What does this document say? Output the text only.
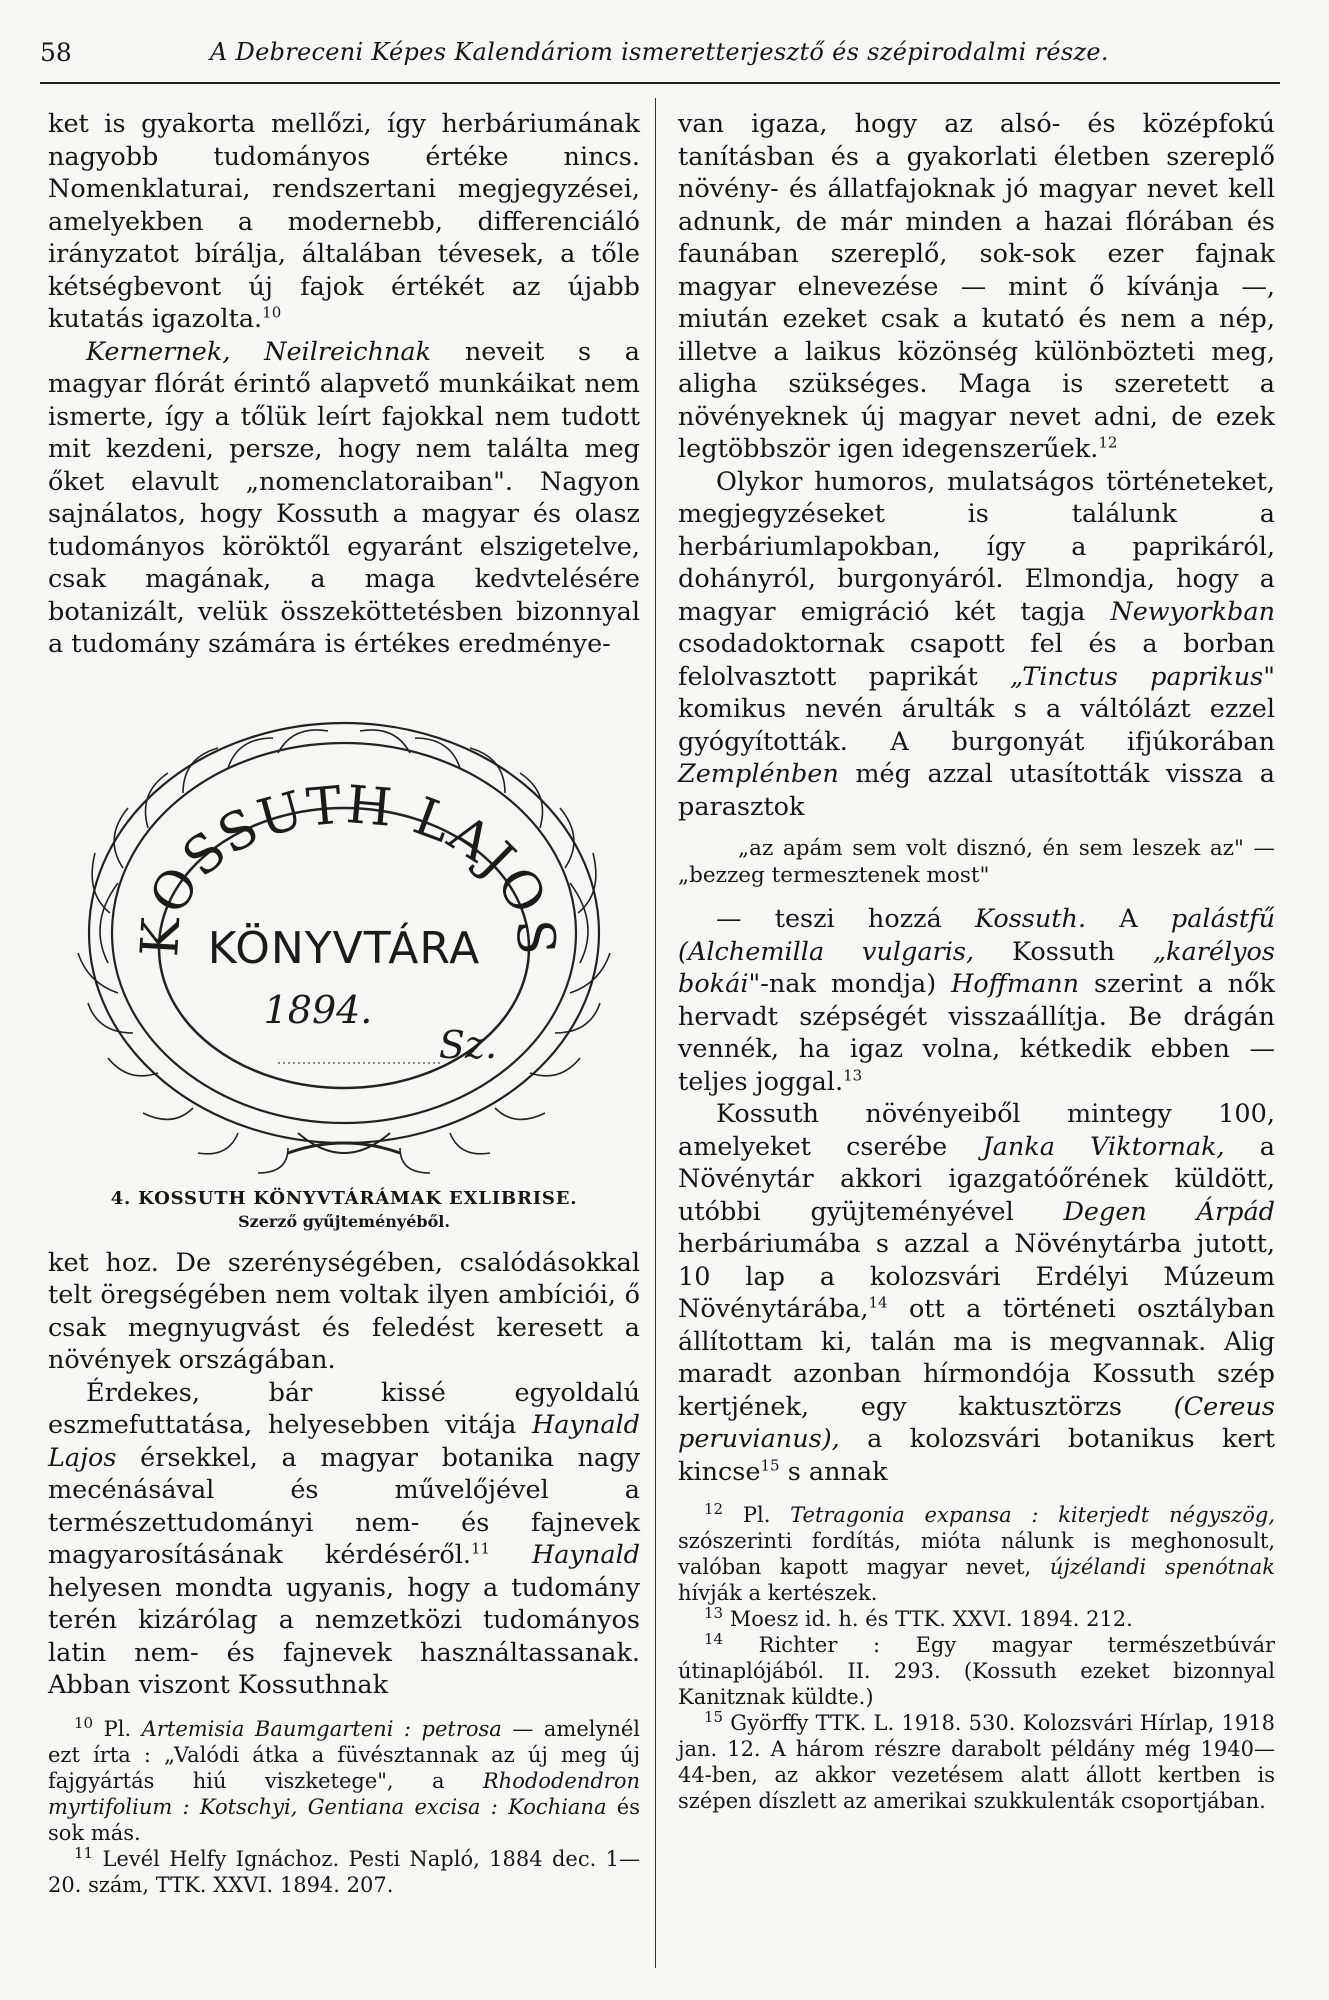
58	A Debreceni Képes Kalendáriom ismeretterjesztő és szépirodalmi része.

ket is gyakorta mellőzi, így herbáriumának nagyobb tudományos értéke nincs. Nomenklaturai, rendszertani megjegyzései, amelyekben a modernebb, differenciáló irányzatot bírálja, általában tévesek, a tőle kétségbevont új fajok értékét az újabb kutatás igazolta.$^{10}$

Kernernek, Neilreichnak neveit s a magyar flórát érintő alapvető munkáikat nem ismerte, így a tőlük leírt fajokkal nem tudott mit kezdeni, persze, hogy nem találta meg őket elavult „nomenclatoraiban". Nagyon sajnálatos, hogy Kossuth a magyar és olasz tudományos köröktől egyaránt elszigetelve, csak magának, a maga kedvtelésére botanizált, velük összeköttetésben bizonnyal a tudomány számára is értékes eredménye-

KOSSUTH LAJOS
KÖNYVTÁRA
1894.
Sz.
4. KOSSUTH KÖNYVTÁRÁMAK EXLIBRISE.
Szerző gyűjteményéből.

ket hoz. De szerénységében, csalódásokkal telt öregségében nem voltak ilyen ambíciói, ő csak megnyugvást és feledést keresett a növények országában.

Érdekes, bár kissé egyoldalú eszmefuttatása, helyesebben vitája Haynald Lajos érsekkel, a magyar botanika nagy mecénásával és művelőjével a természettudományi nem- és fajnevek magyarosításának kérdéséről.$^{11}$ Haynald helyesen mondta ugyanis, hogy a tudomány terén kizárólag a nemzetközi tudományos latin nem- és fajnevek használtassanak. Abban viszont Kossuthnak

$^{10}$ Pl. Artemisia Baumgarteni : petrosa — amelynél ezt írta : „Valódi átka a füvésztannak az új meg új fajgyártás hiú viszketege", a Rhododendron myrtifolium : Kotschyi, Gentiana excisa : Kochiana és sok más.

$^{11}$ Levél Helfy Ignáchoz. Pesti Napló, 1884 dec. 1—20. szám, TTK. XXVI. 1894. 207.

van igaza, hogy az alsó- és középfokú tanításban és a gyakorlati életben szereplő növény- és állatfajoknak jó magyar nevet kell adnunk, de már minden a hazai flórában és faunában szereplő, sok-sok ezer fajnak magyar elnevezése — mint ő kívánja —, miután ezeket csak a kutató és nem a nép, illetve a laikus közönség különbözteti meg, aligha szükséges. Maga is szeretett a növényeknek új magyar nevet adni, de ezek legtöbbször igen idegenszerűek.$^{12}$

Olykor humoros, mulatságos történeteket, megjegyzéseket is találunk a herbáriumlapokban, így a paprikáról, dohányról, burgonyáról. Elmondja, hogy a magyar emigráció két tagja Newyorkban csodadoktornak csapott fel és a borban felolvasztott paprikát „Tinctus paprikus" komikus nevén árulták s a váltólázt ezzel gyógyították. A burgonyát ifjúkorában Zemplénben még azzal utasították vissza a parasztok

„az apám sem volt disznó, én sem leszek az" — „bezzeg termesztenek most"

— teszi hozzá Kossuth. A palástfű (Alchemilla vulgaris, Kossuth „karélyos bokái"-nak mondja) Hoffmann szerint a nők hervadt szépségét visszaállítja. Be drágán vennék, ha igaz volna, kétkedik ebben — teljes joggal.$^{13}$

Kossuth növényeiből mintegy 100, amelyeket cserébe Janka Viktornak, a Növénytár akkori igazgatóőrének küldött, utóbbi gyüjteményével Degen Árpád herbáriumába s azzal a Növénytárba jutott, 10 lap a kolozsvári Erdélyi Múzeum Növénytárába,$^{14}$ ott a történeti osztályban állítottam ki, talán ma is megvannak. Alig maradt azonban hírmondója Kossuth szép kertjének, egy kaktusztörzs (Cereus peruvianus), a kolozsvári botanikus kert kincse$^{15}$ s annak

$^{12}$ Pl. Tetragonia expansa : kiterjedt négyszög, szószerinti fordítás, mióta nálunk is meghonosult, valóban kapott magyar nevet, újzélandi spenótnak hívják a kertészek.

$^{13}$ Moesz id. h. és TTK. XXVI. 1894. 212.

$^{14}$ Richter : Egy magyar természetbúvár útinaplójából. II. 293. (Kossuth ezeket bizonnyal Kanitznak küldte.)

$^{15}$ Györffy TTK. L. 1918. 530. Kolozsvári Hírlap, 1918 jan. 12. A három részre darabolt példány még 1940—44-ben, az akkor vezetésem alatt állott kertben is szépen díszlett az amerikai szukkulenták csoportjában.
